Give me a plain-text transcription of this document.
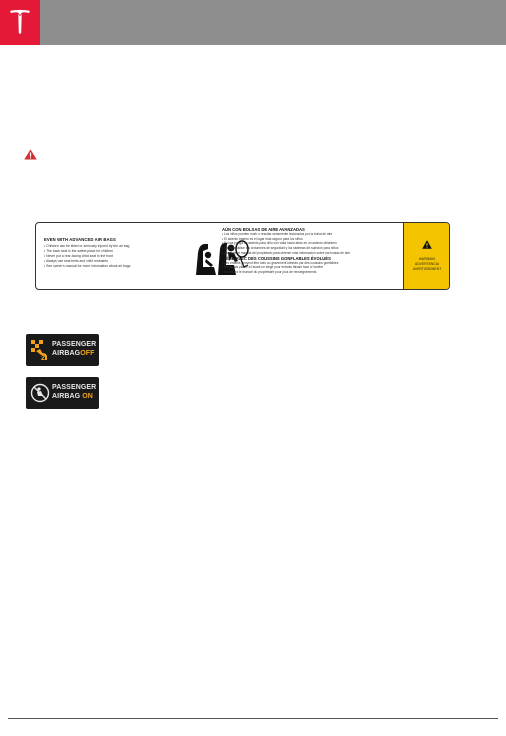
EVEN WITH ADVANCED AIR BAGS
• Children can be killed or seriously injured by the air bag
• The back seat is the safest place for children
• Never put a rear-facing child seat in the front
• Always use seat belts and child restraints
• See owner's manual for more information about air bags
AÚN CON BOLSAS DE AIRE AVANZADAS
• Los niños pueden morir o resultar seriamente lesionados por la bolsa de aire
• El asiento trasero es el lugar más seguro para los niños
• Nunca ponga un asiento para niño con vista hacia atrás en un asiento delantero
• Siempre utilice los cinturones de seguridad y los sistemas de sujeción para niños
• Consulte el manual del propietario para obtener más información sobre las bolsas de aire
MÊME AVEC DES COUSSINS GONFLABLES ÉVOLUÉS
• Les enfants peuvent être tués ou gravement blessés par des coussins gonflables
• Ne jamais placer à l'avant un siège pour enfants faisant face à l'arrière
• Consultez le manuel du propriétaire pour plus de renseignements
WARNING
ADVERTENCIA
AVERTISSEMENT
2
PASSENGER
AIRBAGOFF
PASSENGER
AIRBAG ON
